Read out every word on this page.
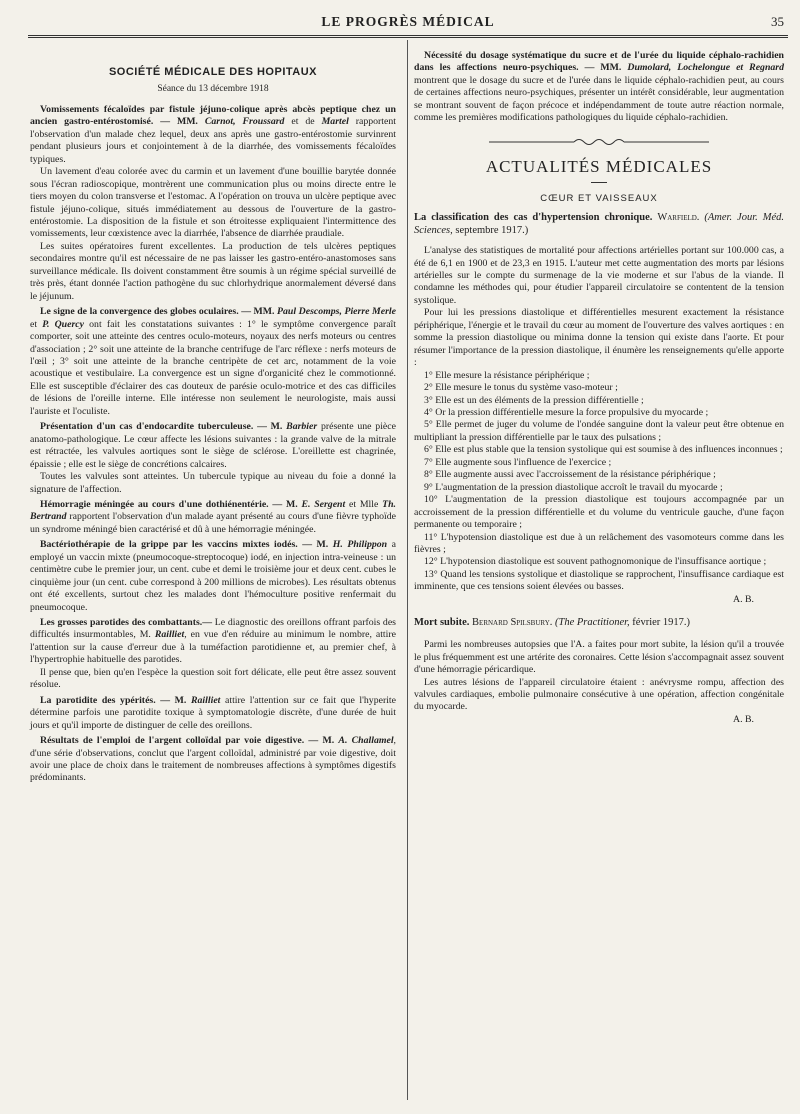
LE PROGRÈS MÉDICAL	35
SOCIÉTÉ MÉDICALE DES HOPITAUX
Séance du 13 décembre 1918

Vomissements fécaloïdes par fistule jéjuno-colique après abcès peptique chez un ancien gastro-entérostomisé. — MM. Carnot, Froussard et de Martel rapportent l'observation d'un malade chez lequel, deux ans après une gastro-entérostomie survinrent pendant plusieurs jours et conjointement à de la diarrhée, des vomissements fécaloïdes typiques.

Un lavement d'eau colorée avec du carmin et un lavement d'une bouillie barytée donnée sous l'écran radioscopique, montrèrent une communication plus ou moins directe entre le tiers moyen du colon transverse et l'estomac. A l'opération on trouva un ulcère peptique avec fistule jéjuno-colique, situés immédiatement au dessous de l'ouverture de la gastro-entérostomie. La disposition de la fistule et son étroitesse expliquaient l'intermittence des vomissements, leur cœxistence avec la diarrhée, l'absence de diarrhée praudiale.

Les suites opératoires furent excellentes. La production de tels ulcères peptiques secondaires montre qu'il est nécessaire de ne pas laisser les gastro-entéro-anastomoses sans surveillance médicale. Ils doivent constamment être soumis à un régime spécial surveillé de très près, étant donnée l'action pathogène du suc chlorhydrique anormalement déversé dans le jéjunum.

Le signe de la convergence des globes oculaires. — MM. Paul Descomps, Pierre Merle et P. Quercy ont fait les constatations suivantes : 1° le symptôme convergence paraît comporter, soit une atteinte des centres oculo-moteurs, noyaux des nerfs moteurs ou centres d'association ; 2° soit une atteinte de la branche centrifuge de l'arc réflexe : nerfs moteurs de l'œil ; 3° soit une atteinte de la branche centripète de cet arc, notamment de la voie acoustique et vestibulaire. La convergence est un signe d'organicité chez le commotionné. Elle est susceptible d'éclairer des cas douteux de parésie oculo-motrice et des cas difficiles de lésions de l'oreille interne. Elle intéresse non seulement le neurologiste, mais aussi l'auriste et l'oculiste.

Présentation d'un cas d'endocardite tuberculeuse. — M. Barbier présente une pièce anatomo-pathologique. Le cœur affecte les lésions suivantes : la grande valve de la mitrale est rétractée, les valvules aortiques sont le siège de sclérose. L'oreillette est chagrinée, épaissie ; elle est le siège de concrétions calcaires.

Toutes les valvules sont atteintes. Un tubercule typique au niveau du foie a donné la signature de l'affection.

Hémorragie méningée au cours d'une dothiénentérie. — M. E. Sergent et Mlle Th. Bertrand rapportent l'observation d'un malade ayant présenté au cours d'une fièvre typhoïde un syndrome méningé bien caractérisé et dû à une hémorragie méningée.

Bactériothérapie de la grippe par les vaccins mixtes iodés. — M. H. Philippon a employé un vaccin mixte (pneumocoque-streptocoque) iodé, en injection intra-veineuse : un centimètre cube le premier jour, un cent. cube et demi le troisième jour et deux cent. cubes le cinquième jour (un cent. cube correspond à 200 millions de microbes). Les résultats obtenus ont été excellents, surtout chez les malades dont l'hémoculture positive renfermait du pneumocoque.

Les grosses parotides des combattants.— Le diagnostic des oreillons offrant parfois des difficultés insurmontables, M. Railliet, en vue d'en réduire au minimum le nombre, attire l'attention sur la cause d'erreur due à la tuméfaction parotidienne et, au premier chef, à l'hypertrophie habituelle des parotides.

Il pense que, bien qu'en l'espèce la question soit fort délicate, elle peut être assez souvent résolue.

La parotidite des ypérités. — M. Railliet attire l'attention sur ce fait que l'hyperite détermine parfois une parotidite toxique à symptomatologie discrète, d'une durée de huit jours et qu'il importe de distinguer de celle des oreillons.

Résultats de l'emploi de l'argent colloïdal par voie digestive. — M. A. Challamel, d'une série d'observations, conclut que l'argent colloïdal, administré par voie digestive, doit avoir une place de choix dans le traitement de nombreuses affections à symptômes digestifs prédominants.

Nécessité du dosage systématique du sucre et de l'urée du liquide céphalo-rachidien dans les affections neuro-psychiques. — MM. Dumolard, Lochelongue et Regnard montrent que le dosage du sucre et de l'urée dans le liquide céphalo-rachidien peut, au cours de certaines affections neuro-psychiques, présenter un intérêt considérable, leur augmentation se montrant souvent de façon précoce et indépendamment de toute autre réaction normale, comme les premières modifications pathologiques du liquide céphalo-rachidien.

ACTUALITÉS MÉDICALES
CŒUR ET VAISSEAUX

La classification des cas d'hypertension chronique. Warfield. (Amer. Jour. Méd. Sciences, septembre 1917.)

L'analyse des statistiques de mortalité pour affections artérielles portant sur 100.000 cas, a été de 6,1 en 1900 et de 23,3 en 1915. L'auteur met cette augmentation des morts par lésions artérielles sur le compte du surmenage de la vie moderne et sur l'abus de la viande. Il condamne les méthodes qui, pour étudier l'appareil circulatoire se contentent de la tension systolique.

Pour lui les pressions diastolique et différentielles mesurent exactement la résistance périphérique, l'énergie et le travail du cœur au moment de l'ouverture des valves aortiques : en somme la pression diastolique ou minima donne la tension qui existe dans l'aorte. Et pour résumer l'importance de la pression diastolique, il énumère les renseignements qu'elle apporte :

1° Elle mesure la résistance périphérique ;

2° Elle mesure le tonus du système vaso-moteur ;

3° Elle est un des éléments de la pression différentielle ;

4° Or la pression différentielle mesure la force propulsive du myocarde ;

5° Elle permet de juger du volume de l'ondée sanguine dont la valeur peut être obtenue en multipliant la pression différentielle par le taux des pulsations ;

6° Elle est plus stable que la tension systolique qui est soumise à des influences inconnues ;

7° Elle augmente sous l'influence de l'exercice ;

8° Elle augmente aussi avec l'accroissement de la résistance périphérique ;

9° L'augmentation de la pression diastolique accroît le travail du myocarde ;

10° L'augmentation de la pression diastolique est toujours accompagnée par un accroissement de la pression différentielle et du volume du ventricule gauche, d'une façon permanente ou temporaire ;

11° L'hypotension diastolique est due à un relâchement des vasomoteurs comme dans les fièvres ;

12° L'hypotension diastolique est souvent pathognomonique de l'insuffisance aortique ;

13° Quand les tensions systolique et diastolique se rapprochent, l'insuffisance cardiaque est imminente, que ces tensions soient élevées ou basses.

A. B.

Mort subite. Bernard Spilsbury. (The Practitioner, février 1917.)

Parmi les nombreuses autopsies que l'A. a faites pour mort subite, la lésion qu'il a trouvée le plus fréquemment est une artérite des coronaires. Cette lésion s'accompagnait assez souvent d'une hémorragie péricardique.

Les autres lésions de l'appareil circulatoire étaient : anévrysme rompu, affection des valvules cardiaques, embolie pulmonaire consécutive à une opération, affection congénitale du myocarde.

A. B.
